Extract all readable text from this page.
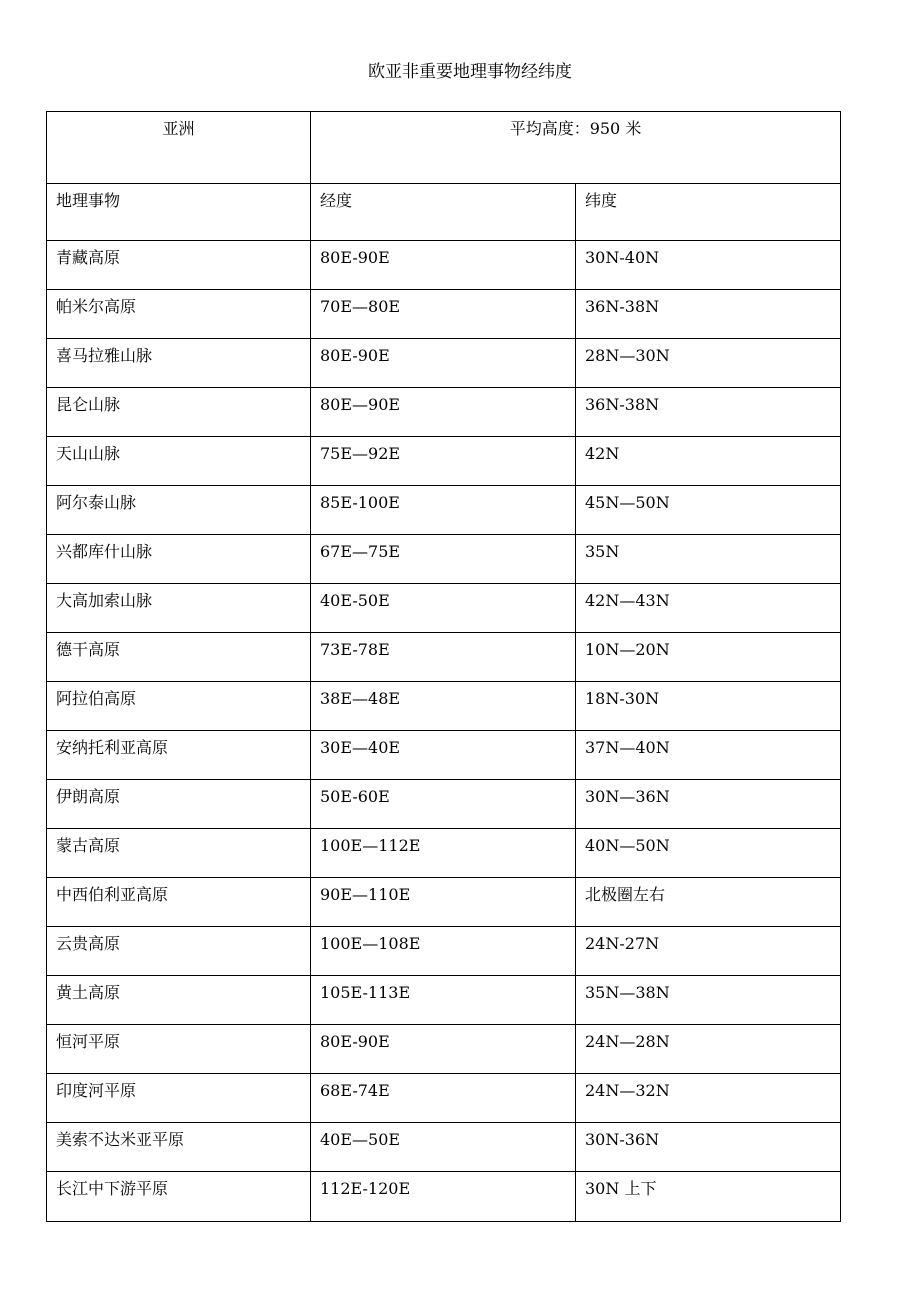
欧亚非重要地理事物经纬度
亚洲	平均高度：950 米	
地理事物	经度	纬度
青藏高原	80E-90E	30N-40N
帕米尔高原	70E—80E	36N-38N
喜马拉雅山脉	80E-90E	28N—30N
昆仑山脉	80E—90E	36N-38N
天山山脉	75E—92E	42N
阿尔泰山脉	85E-100E	45N—50N
兴都库什山脉	67E—75E	35N
大高加索山脉	40E-50E	42N—43N
德干高原	73E-78E	10N—20N
阿拉伯高原	38E—48E	18N-30N
安纳托利亚高原	30E—40E	37N—40N
伊朗高原	50E-60E	30N—36N
蒙古高原	100E—112E	40N—50N
中西伯利亚高原	90E—110E	北极圈左右
云贵高原	100E—108E	24N-27N
黄土高原	105E-113E	35N—38N
恒河平原	80E-90E	24N—28N
印度河平原	68E-74E	24N—32N
美索不达米亚平原	40E—50E	30N-36N
长江中下游平原	112E-120E	30N 上下
